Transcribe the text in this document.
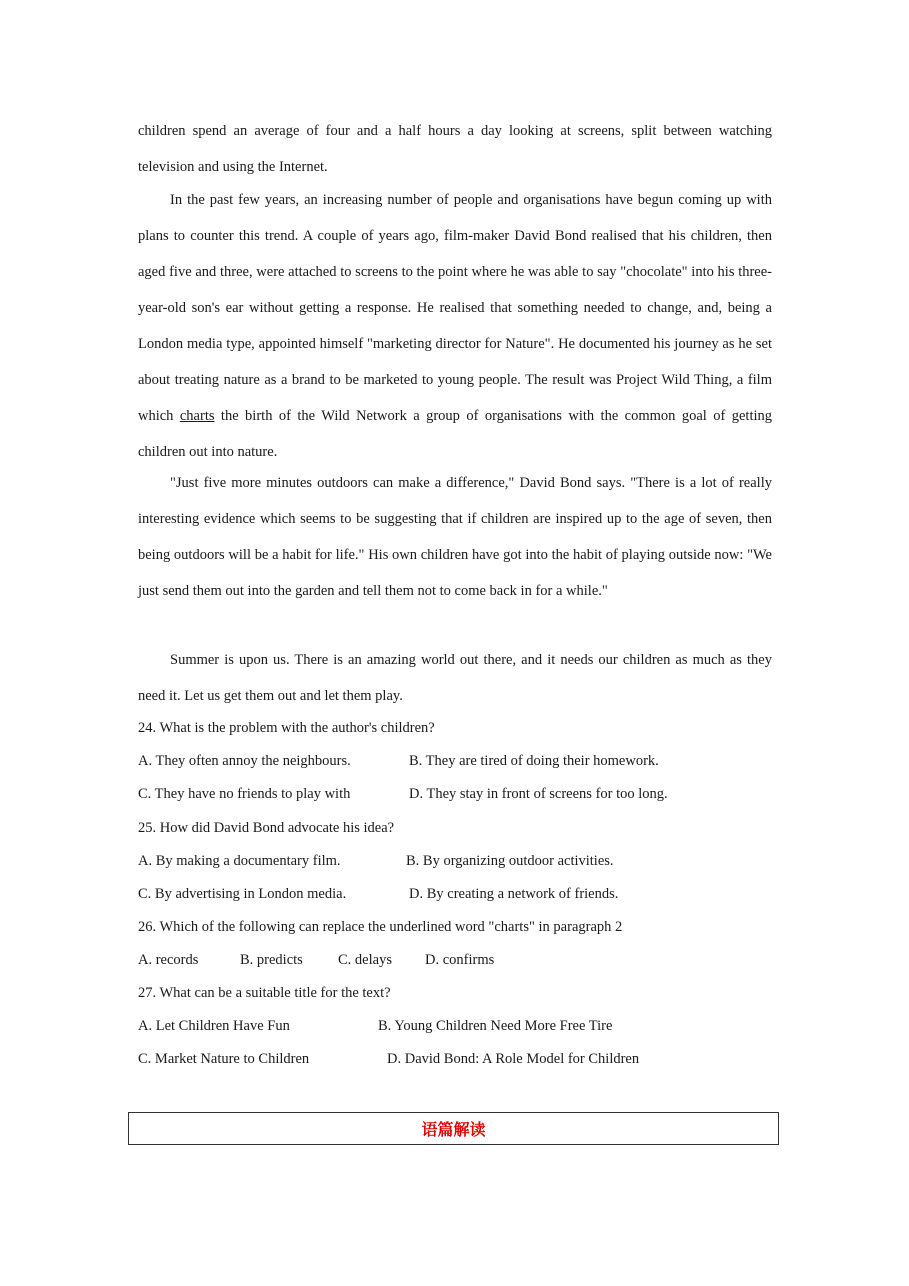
children spend an average of four and a half hours a day looking at screens, split between watching television and using the Internet.

In the past few years, an increasing number of people and organisations have begun coming up with plans to counter this trend. A couple of years ago, film-maker David Bond realised that his children, then aged five and three, were attached to screens to the point where he was able to say "chocolate" into his three-year-old son's ear without getting a response. He realised that something needed to change, and, being a London media type, appointed himself "marketing director for Nature". He documented his journey as he set about treating nature as a brand to be marketed to young people. The result was Project Wild Thing, a film which charts the birth of the Wild Network a group of organisations with the common goal of getting children out into nature.

"Just five more minutes outdoors can make a difference," David Bond says. "There is a lot of really interesting evidence which seems to be suggesting that if children are inspired up to the age of seven, then being outdoors will be a habit for life." His own children have got into the habit of playing outside now: "We just send them out into the garden and tell them not to come back in for a while."

Summer is upon us. There is an amazing world out there, and it needs our children as much as they need it. Let us get them out and let them play.

24. What is the problem with the author's children?
A. They often annoy the neighbours.	B. They are tired of doing their homework.
C. They have no friends to play with	D. They stay in front of screens for too long.
25. How did David Bond advocate his idea?
A. By making a documentary film.	B. By organizing outdoor activities.
C. By advertising in London media.	D. By creating a network of friends.
26. Which of the following can replace the underlined word "charts" in paragraph 2
A. records	B. predicts C. delays D. confirms
27. What can be a suitable title for the text?
A. Let Children Have Fun	B. Young Children Need More Free Tire
C. Market Nature to Children	D. David Bond: A Role Model for Children
语篇解读
